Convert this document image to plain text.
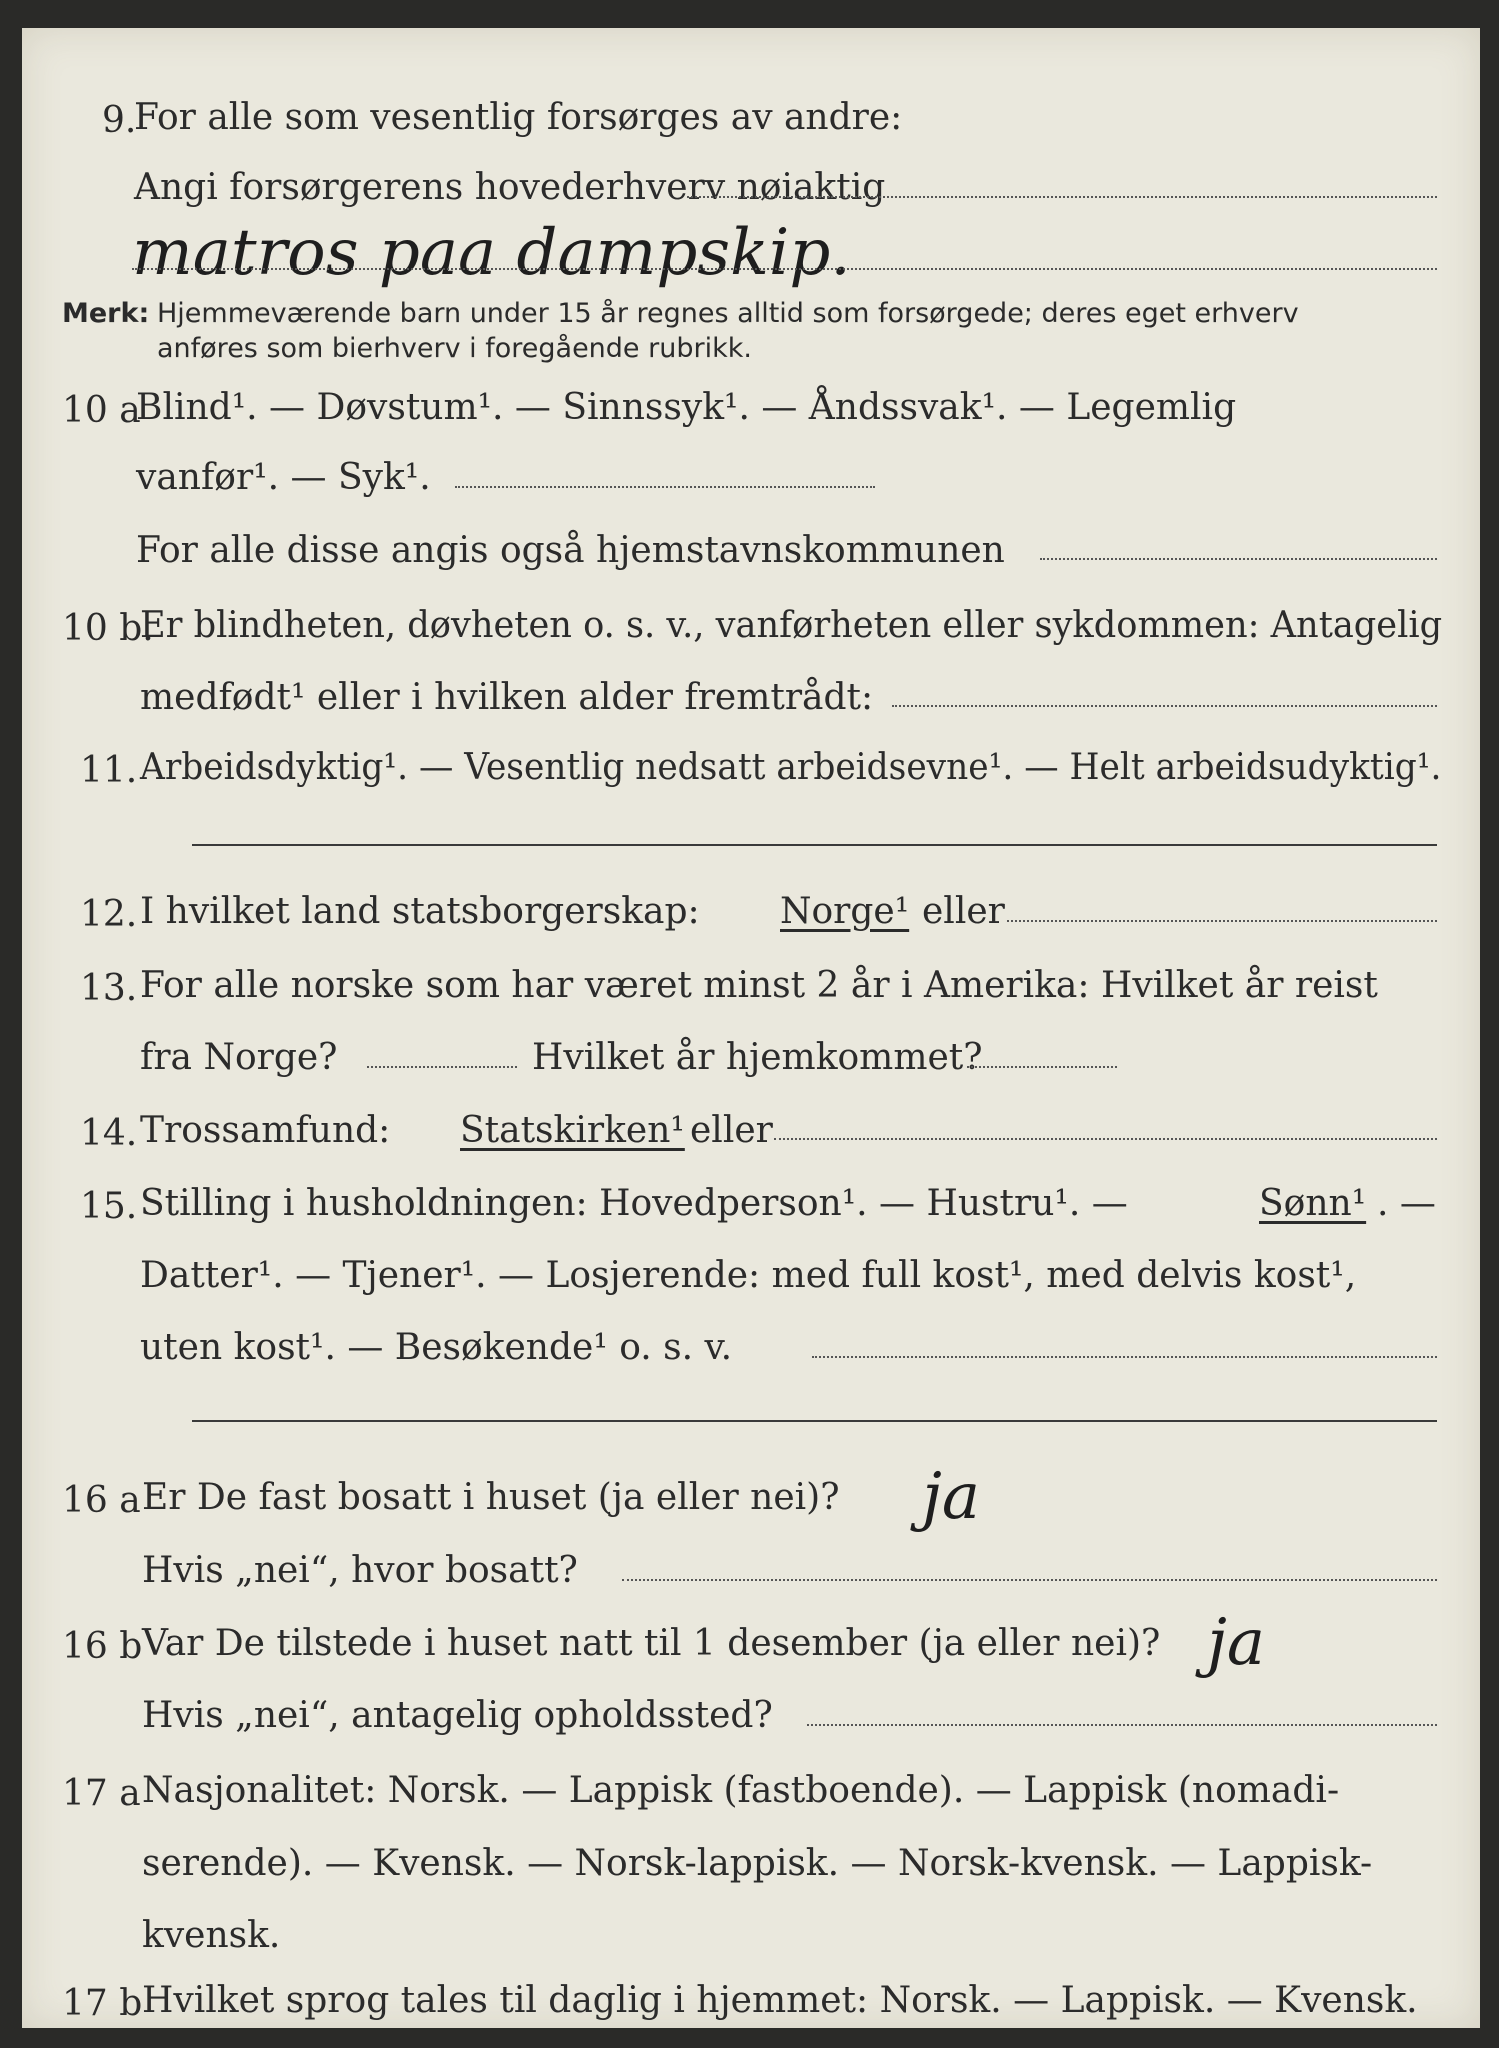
9.
For alle som vesentlig forsørges av andre:
Angi forsørgerens hovederhverv nøiaktig
matros paa dampskip.
Merk: Hjemmeværende barn under 15 år regnes alltid som forsørgede; deres eget erhverv
anføres som bierhverv i foregående rubrikk.
10 a
Blind¹. — Døvstum¹. — Sinnssyk¹. — Åndssvak¹. — Legemlig
vanfør¹. — Syk¹.
For alle disse angis også hjemstavnskommunen
10 b.
Er blindheten, døvheten o. s. v., vanførheten eller sykdommen: Antagelig
medfødt¹ eller i hvilken alder fremtrådt:
11. Arbeidsdyktig¹. — Vesentlig nedsatt arbeidsevne¹. — Helt arbeidsudyktig¹.
12. I hvilket land statsborgerskap: Norge¹ eller
13. For alle norske som har været minst 2 år i Amerika: Hvilket år reist
fra Norge?	Hvilket år hjemkommet?
14. Trossamfund: Statskirken¹ eller
15. Stilling i husholdningen: Hovedperson¹. — Hustru¹. —	Sønn¹ . —
Datter¹. — Tjener¹. — Losjerende: med full kost¹, med delvis kost¹,
uten kost¹. — Besøkende¹ o. s. v.
16 a Er De fast bosatt i huset (ja eller nei)? ja
Hvis „nei“, hvor bosatt?
16 b Var De tilstede i huset natt til 1 desember (ja eller nei)? ja
Hvis „nei“, antagelig opholdssted?
17 a Nasjonalitet: Norsk. — Lappisk (fastboende). — Lappisk (nomadi-
serende). — Kvensk. — Norsk-lappisk. — Norsk-kvensk. — Lappisk-
kvensk.
17 b Hvilket sprog tales til daglig i hjemmet: Norsk. — Lappisk. — Kvensk.
